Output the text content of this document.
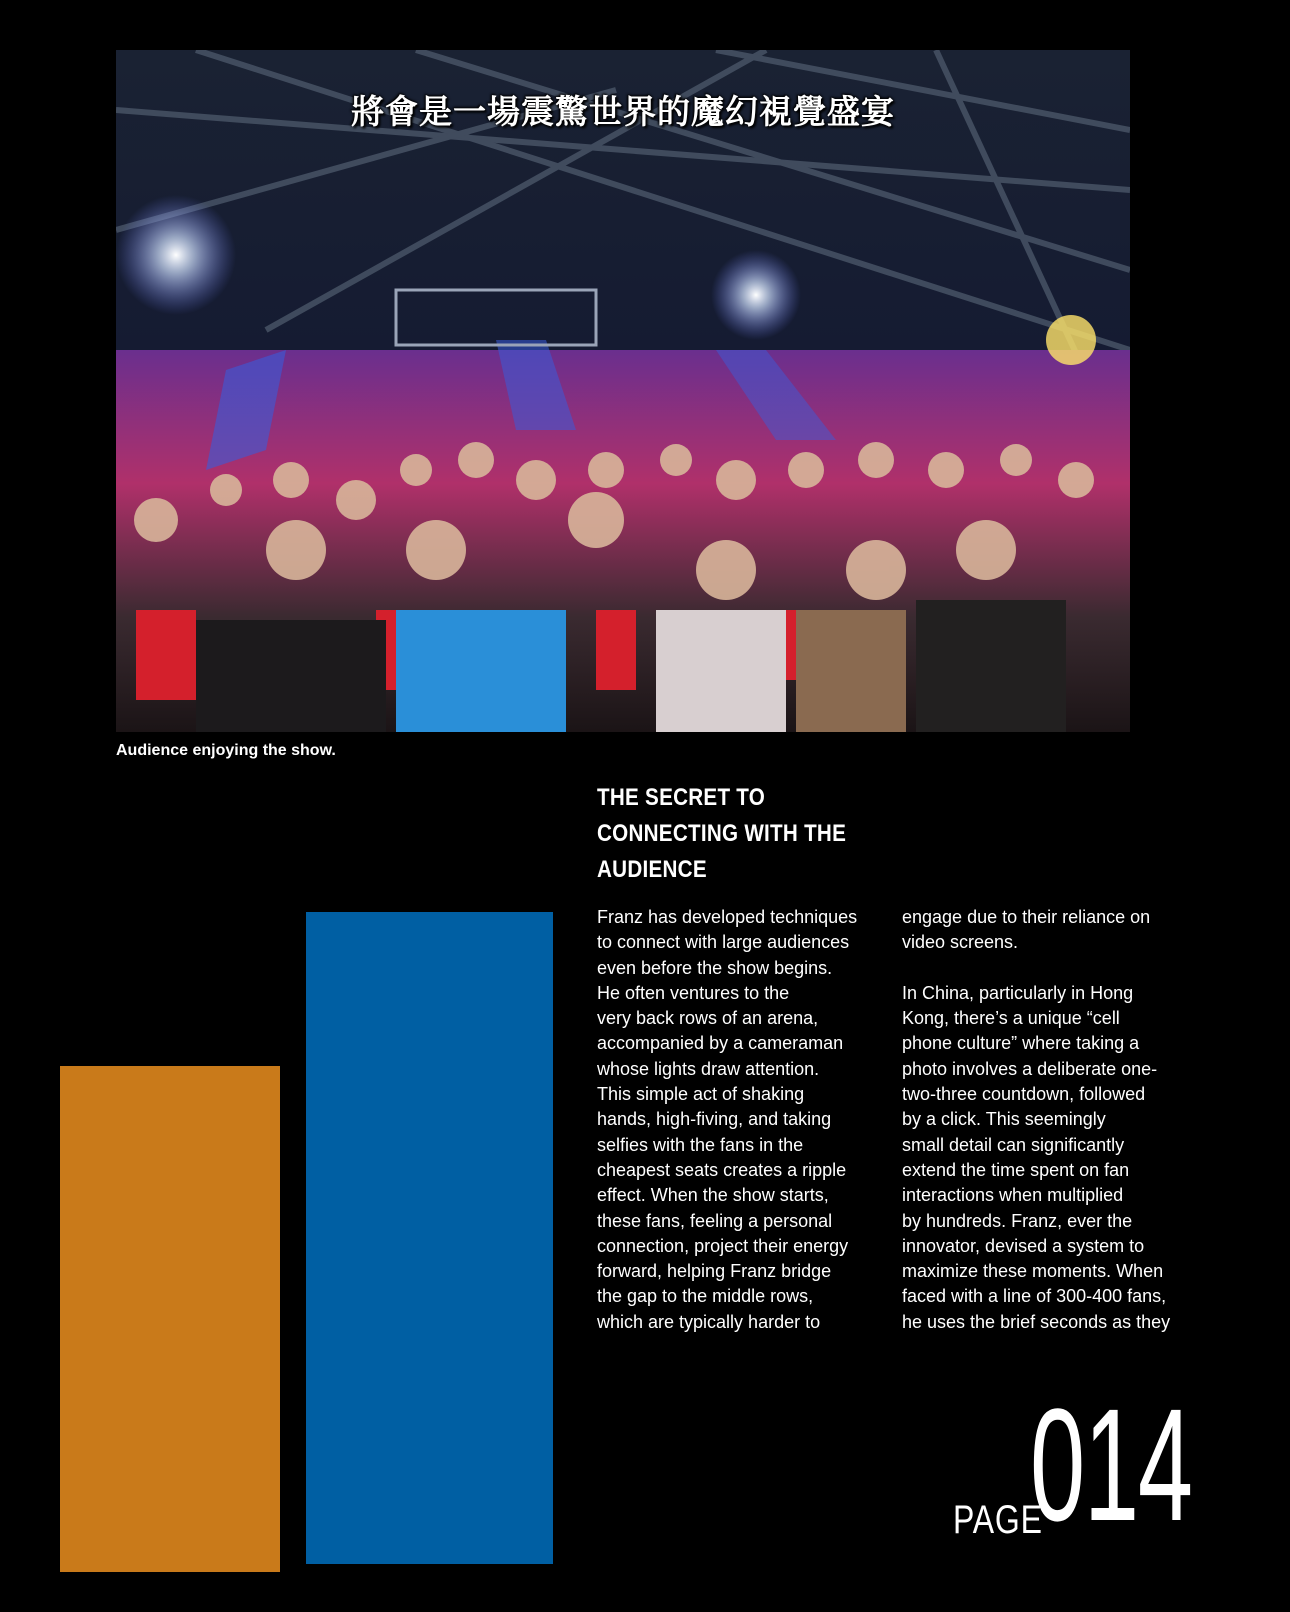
將會是一場震驚世界的魔幻視覺盛宴
Audience enjoying the show.
THE SECRET TO
CONNECTING WITH THE
AUDIENCE
Franz has developed techniques
to connect with large audiences
even before the show begins.
He often ventures to the
very back rows of an arena,
accompanied by a cameraman
whose lights draw attention.
This simple act of shaking
hands, high-fiving, and taking
selfies with the fans in the
cheapest seats creates a ripple
effect. When the show starts,
these fans, feeling a personal
connection, project their energy
forward, helping Franz bridge
the gap to the middle rows,
which are typically harder to
engage due to their reliance on
video screens.

In China, particularly in Hong
Kong, there’s a unique “cell
phone culture” where taking a
photo involves a deliberate one-
two-three countdown, followed
by a click. This seemingly
small detail can significantly
extend the time spent on fan
interactions when multiplied
by hundreds. Franz, ever the
innovator, devised a system to
maximize these moments. When
faced with a line of 300-400 fans,
he uses the brief seconds as they
PAGE
014
